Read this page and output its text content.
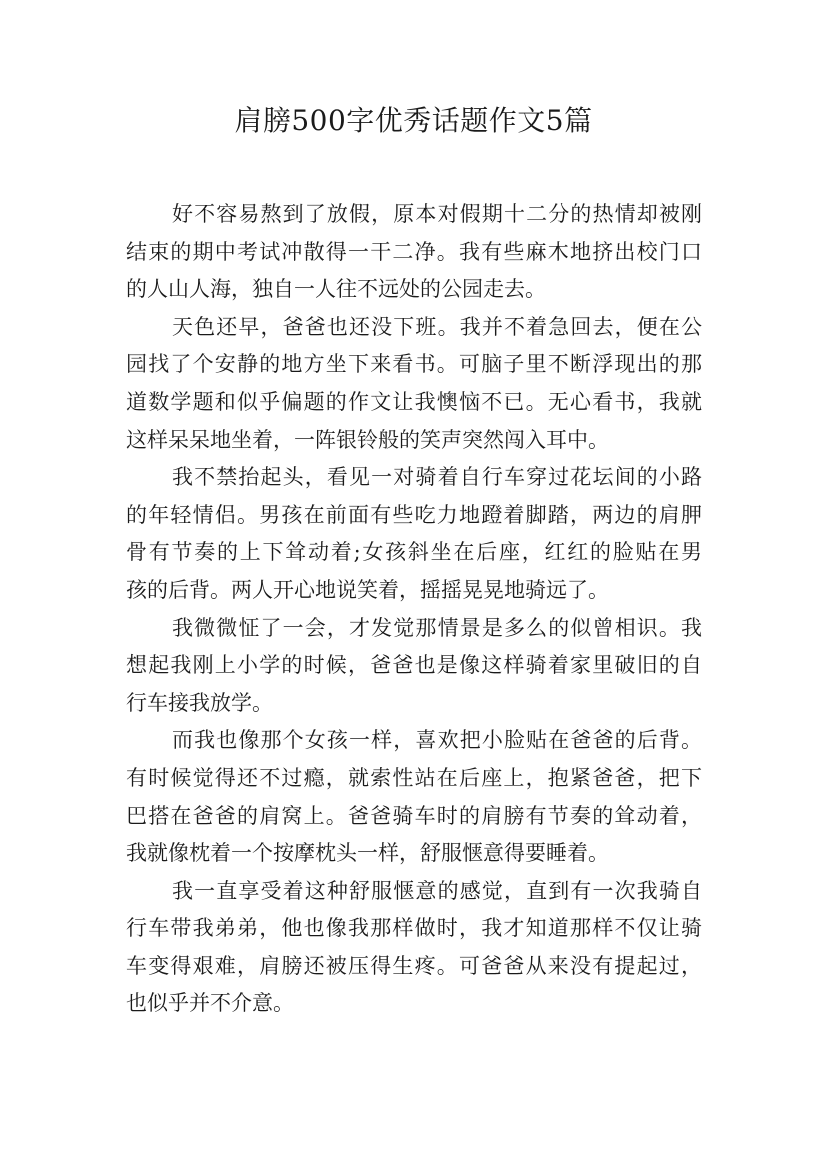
肩膀500字优秀话题作文5篇
好不容易熬到了放假，原本对假期十二分的热情却被刚
结束的期中考试冲散得一干二净。我有些麻木地挤出校门口
的人山人海，独自一人往不远处的公园走去。
天色还早，爸爸也还没下班。我并不着急回去，便在公
园找了个安静的地方坐下来看书。可脑子里不断浮现出的那
道数学题和似乎偏题的作文让我懊恼不已。无心看书，我就
这样呆呆地坐着，一阵银铃般的笑声突然闯入耳中。
我不禁抬起头，看见一对骑着自行车穿过花坛间的小路
的年轻情侣。男孩在前面有些吃力地蹬着脚踏，两边的肩胛
骨有节奏的上下耸动着;女孩斜坐在后座，红红的脸贴在男
孩的后背。两人开心地说笑着，摇摇晃晃地骑远了。
我微微怔了一会，才发觉那情景是多么的似曾相识。我
想起我刚上小学的时候，爸爸也是像这样骑着家里破旧的自
行车接我放学。
而我也像那个女孩一样，喜欢把小脸贴在爸爸的后背。
有时候觉得还不过瘾，就索性站在后座上，抱紧爸爸，把下
巴搭在爸爸的肩窝上。爸爸骑车时的肩膀有节奏的耸动着，
我就像枕着一个按摩枕头一样，舒服惬意得要睡着。
我一直享受着这种舒服惬意的感觉，直到有一次我骑自
行车带我弟弟，他也像我那样做时，我才知道那样不仅让骑
车变得艰难，肩膀还被压得生疼。可爸爸从来没有提起过，
也似乎并不介意。
